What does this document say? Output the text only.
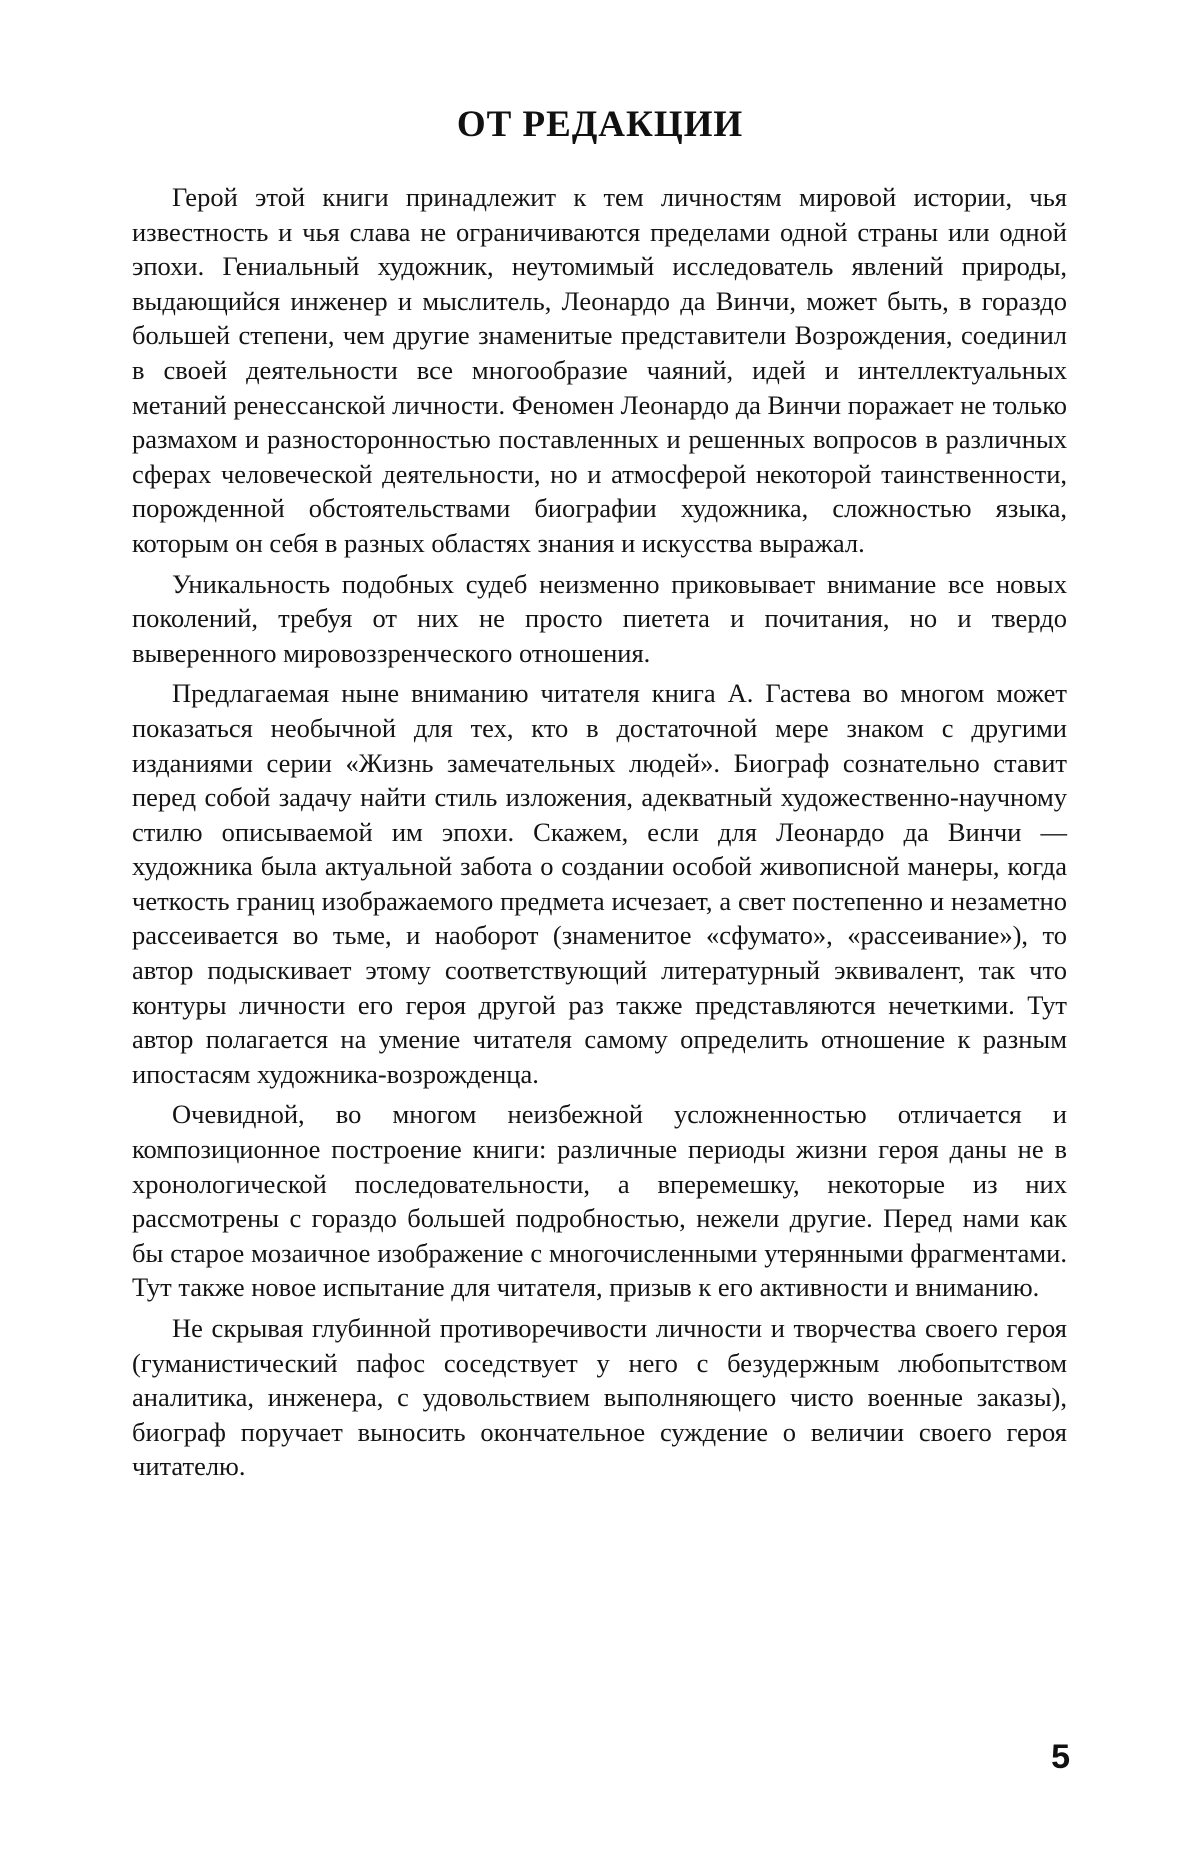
ОТ РЕДАКЦИИ

Герой этой книги принадлежит к тем личностям мировой истории, чья известность и чья слава не ограничиваются пределами одной страны или одной эпохи. Гениальный художник, неутомимый исследователь явлений природы, выдающийся инженер и мыслитель, Леонардо да Винчи, может быть, в гораздо большей степени, чем другие знаменитые представители Возрождения, соединил в своей деятельности все многообразие чаяний, идей и интеллектуальных метаний ренессанской личности. Феномен Леонардо да Винчи поражает не только размахом и разносторонностью поставленных и решенных вопросов в различных сферах человеческой деятельности, но и атмосферой некоторой таинственности, порожденной обстоятельствами биографии художника, сложностью языка, которым он себя в разных областях знания и искусства выражал.

Уникальность подобных судеб неизменно приковывает внимание все новых поколений, требуя от них не просто пиетета и почитания, но и твердо выверенного мировоззренческого отношения.

Предлагаемая ныне вниманию читателя книга А. Гастева во многом может показаться необычной для тех, кто в достаточной мере знаком с другими изданиями серии «Жизнь замечательных людей». Биограф сознательно ставит перед собой задачу найти стиль изложения, адекватный художественно-научному стилю описываемой им эпохи. Скажем, если для Леонардо да Винчи — художника была актуальной забота о создании особой живописной манеры, когда четкость границ изображаемого предмета исчезает, а свет постепенно и незаметно рассеивается во тьме, и наоборот (знаменитое «сфумато», «рассеивание»), то автор подыскивает этому соответствующий литературный эквивалент, так что контуры личности его героя другой раз также представляются нечеткими. Тут автор полагается на умение читателя самому определить отношение к разным ипостасям художника-возрожденца.

Очевидной, во многом неизбежной усложненностью отличается и композиционное построение книги: различные периоды жизни героя даны не в хронологической последовательности, а вперемешку, некоторые из них рассмотрены с гораздо большей подробностью, нежели другие. Перед нами как бы старое мозаичное изображение с многочисленными утерянными фрагментами. Тут также новое испытание для читателя, призыв к его активности и вниманию.

Не скрывая глубинной противоречивости личности и творчества своего героя (гуманистический пафос соседствует у него с безудержным любопытством аналитика, инженера, с удовольствием выполняющего чисто военные заказы), биограф поручает выносить окончательное суждение о величии своего героя читателю.

5
